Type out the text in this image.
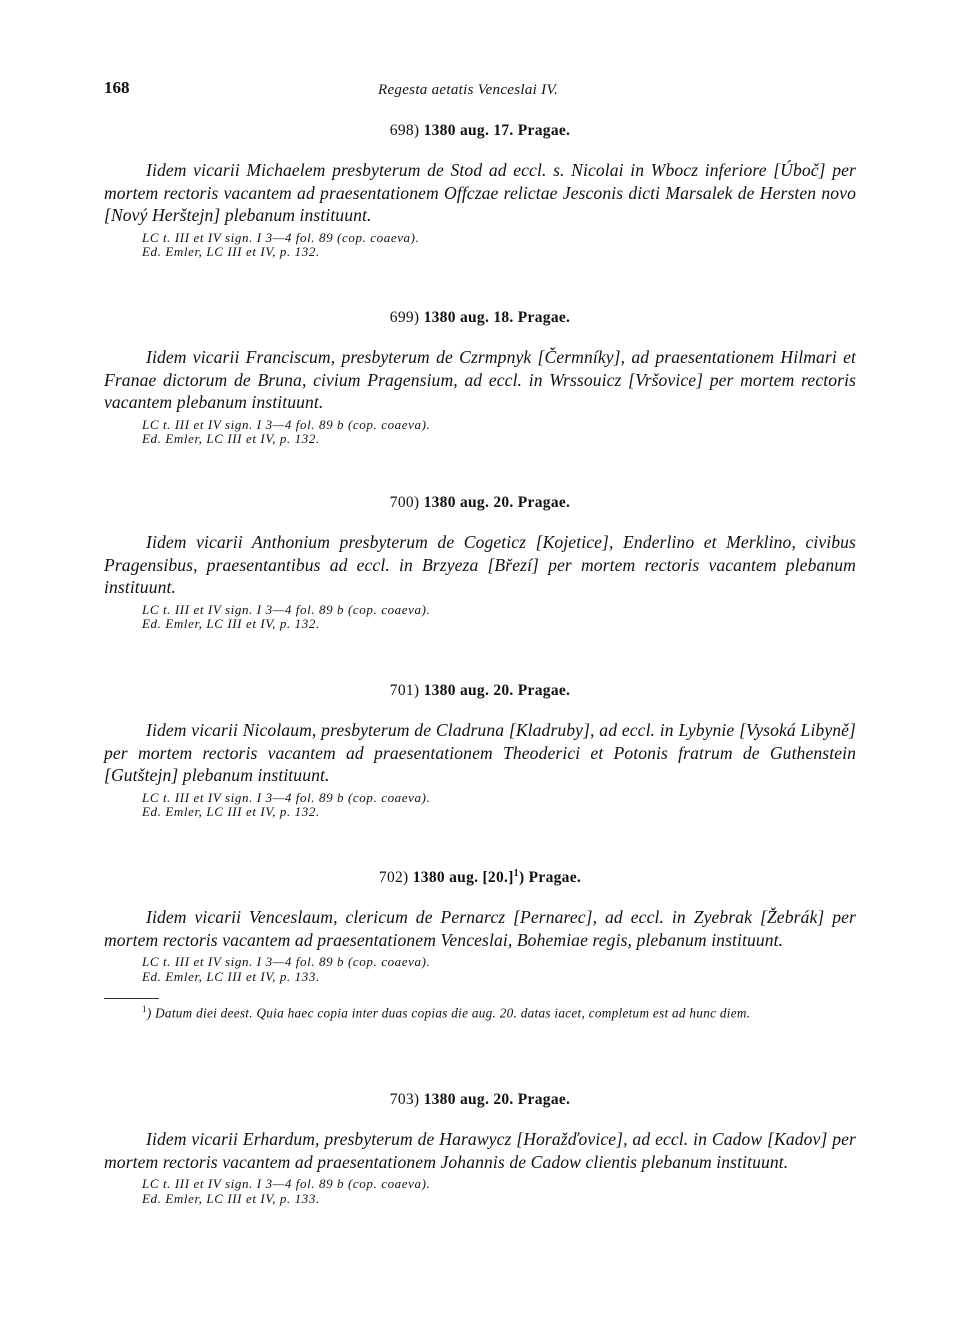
168	Regesta aetatis Venceslai IV.
698) 1380 aug. 17. Pragae.

Iidem vicarii Michaelem presbyterum de Stod ad eccl. s. Nicolai in Wbocz inferiore [Úboč] per mortem rectoris vacantem ad praesentationem Offczae relictae Jesconis dicti Marsalek de Hersten novo [Nový Herštejn] plebanum instituunt.

LC t. III et IV sign. I 3—4 fol. 89 (cop. coaeva).
Ed. Emler, LC III et IV, p. 132.
699) 1380 aug. 18. Pragae.

Iidem vicarii Franciscum, presbyterum de Czrmpnyk [Čermníky], ad praesentationem Hilmari et Franae dictorum de Bruna, civium Pragensium, ad eccl. in Wrssouicz [Vršovice] per mortem rectoris vacantem plebanum instituunt.

LC t. III et IV sign. I 3—4 fol. 89 b (cop. coaeva).
Ed. Emler, LC III et IV, p. 132.
700) 1380 aug. 20. Pragae.

Iidem vicarii Anthonium presbyterum de Cogeticz [Kojetice], Enderlino et Merklino, civibus Pragensibus, praesentantibus ad eccl. in Brzyeza [Březí] per mortem rectoris vacantem plebanum instituunt.

LC t. III et IV sign. I 3—4 fol. 89 b (cop. coaeva).
Ed. Emler, LC III et IV, p. 132.
701) 1380 aug. 20. Pragae.

Iidem vicarii Nicolaum, presbyterum de Cladruna [Kladruby], ad eccl. in Lybynie [Vysoká Libyně] per mortem rectoris vacantem ad praesentationem Theoderici et Potonis fratrum de Guthenstein [Gutštejn] plebanum instituunt.

LC t. III et IV sign. I 3—4 fol. 89 b (cop. coaeva).
Ed. Emler, LC III et IV, p. 132.
702) 1380 aug. $[20.]^1$) Pragae.

Iidem vicarii Venceslaum, clericum de Pernarcz [Pernarec], ad eccl. in Zyebrak [Žebrák] per mortem rectoris vacantem ad praesentationem Venceslai, Bohemiae regis, plebanum instituunt.

LC t. III et IV sign. I 3—4 fol. 89 b (cop. coaeva).
Ed. Emler, LC III et IV, p. 133.

$^1$) Datum diei deest. Quia haec copia inter duas copias die aug. 20. datas iacet, completum est ad hunc diem.

703) 1380 aug. 20. Pragae.

Iidem vicarii Erhardum, presbyterum de Harawycz [Horažďovice], ad eccl. in Cadow [Kadov] per mortem rectoris vacantem ad praesentationem Johannis de Cadow clientis plebanum instituunt.

LC t. III et IV sign. I 3—4 fol. 89 b (cop. coaeva).
Ed. Emler, LC III et IV, p. 133.
